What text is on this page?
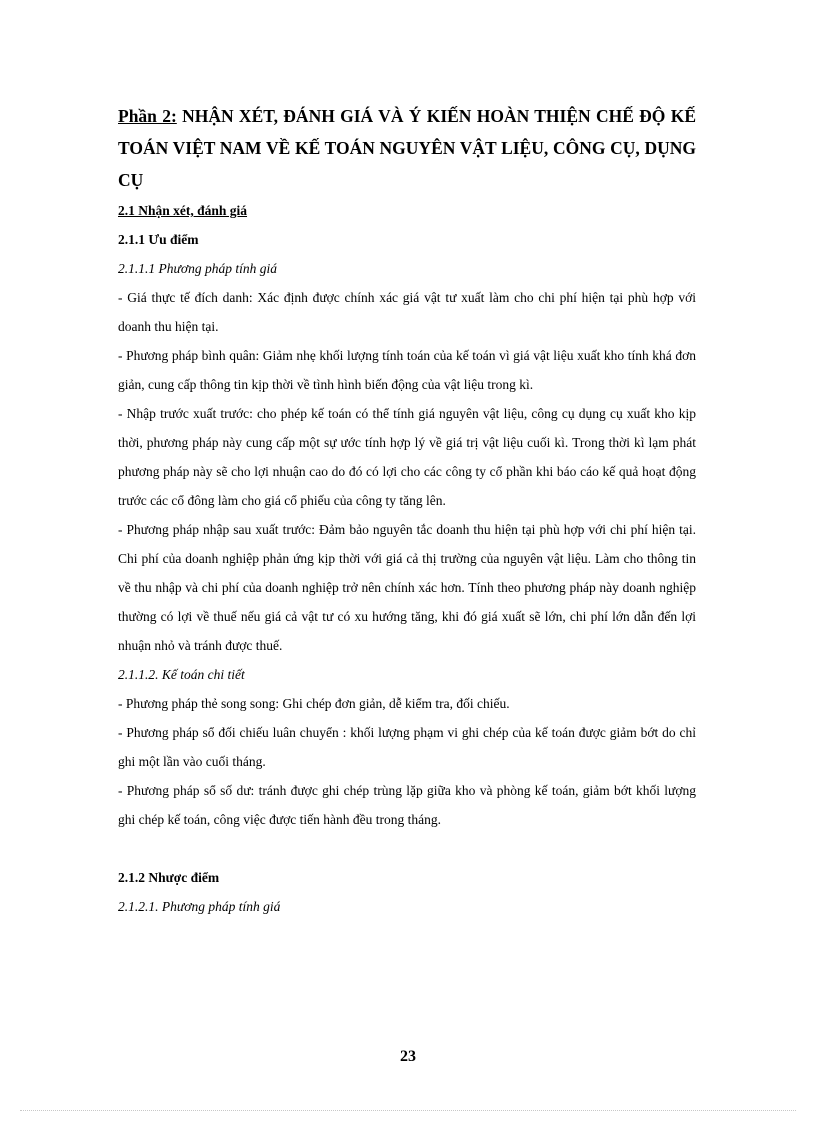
Phần 2: NHẬN XÉT, ĐÁNH GIÁ VÀ Ý KIẾN HOÀN THIỆN CHẾ ĐỘ KẾ TOÁN VIỆT NAM VỀ KẾ TOÁN NGUYÊN VẬT LIỆU, CÔNG CỤ, DỤNG CỤ

2.1 Nhận xét, đánh giá

2.1.1 Ưu điểm

2.1.1.1 Phương pháp tính giá

- Giá thực tế đích danh: Xác định được chính xác giá vật tư xuất làm cho chi phí hiện tại phù hợp với doanh thu hiện tại.

- Phương pháp bình quân: Giảm nhẹ khối lượng tính toán của kế toán vì giá vật liệu xuất kho tính khá đơn giản, cung cấp thông tin kịp thời về tình hình biến động của vật liệu trong kì.

- Nhập trước xuất trước: cho phép kế toán có thể tính giá nguyên vật liệu, công cụ dụng cụ xuất kho kịp thời, phương pháp này cung cấp một sự ước tính hợp lý về giá trị vật liệu cuối kì. Trong thời kì lạm phát phương pháp này sẽ cho lợi nhuận cao do đó có lợi cho các công ty cổ phần khi báo cáo kế quả hoạt động trước các cổ đông làm cho giá cổ phiếu của công ty tăng lên.

- Phương pháp nhập sau xuất trước: Đảm bảo nguyên tắc doanh thu hiện tại phù hợp với chi phí hiện tại. Chi phí của doanh nghiệp phản ứng kịp thời với giá cả thị trường của nguyên vật liệu. Làm cho thông tin về thu nhập và chi phí của doanh nghiệp trở nên chính xác hơn. Tính theo phương pháp này doanh nghiệp thường có lợi về thuế nếu giá cả vật tư có xu hướng tăng, khi đó giá xuất sẽ lớn, chi phí lớn dẫn đến lợi nhuận nhỏ và tránh được thuế.

2.1.1.2. Kế toán chi tiết

- Phương pháp thẻ song song: Ghi chép đơn giản, dễ kiểm tra, đối chiếu.

- Phương pháp sổ đối chiếu luân chuyển : khối lượng phạm vi ghi chép của kế toán được giảm bớt do chỉ ghi một lần vào cuối tháng.

- Phương pháp sổ số dư: tránh được ghi chép trùng lặp giữa kho và phòng kế toán, giảm bớt khối lượng ghi chép kế toán, công việc được tiến hành đều trong tháng.

2.1.2 Nhược điểm

2.1.2.1. Phương pháp tính giá

23
